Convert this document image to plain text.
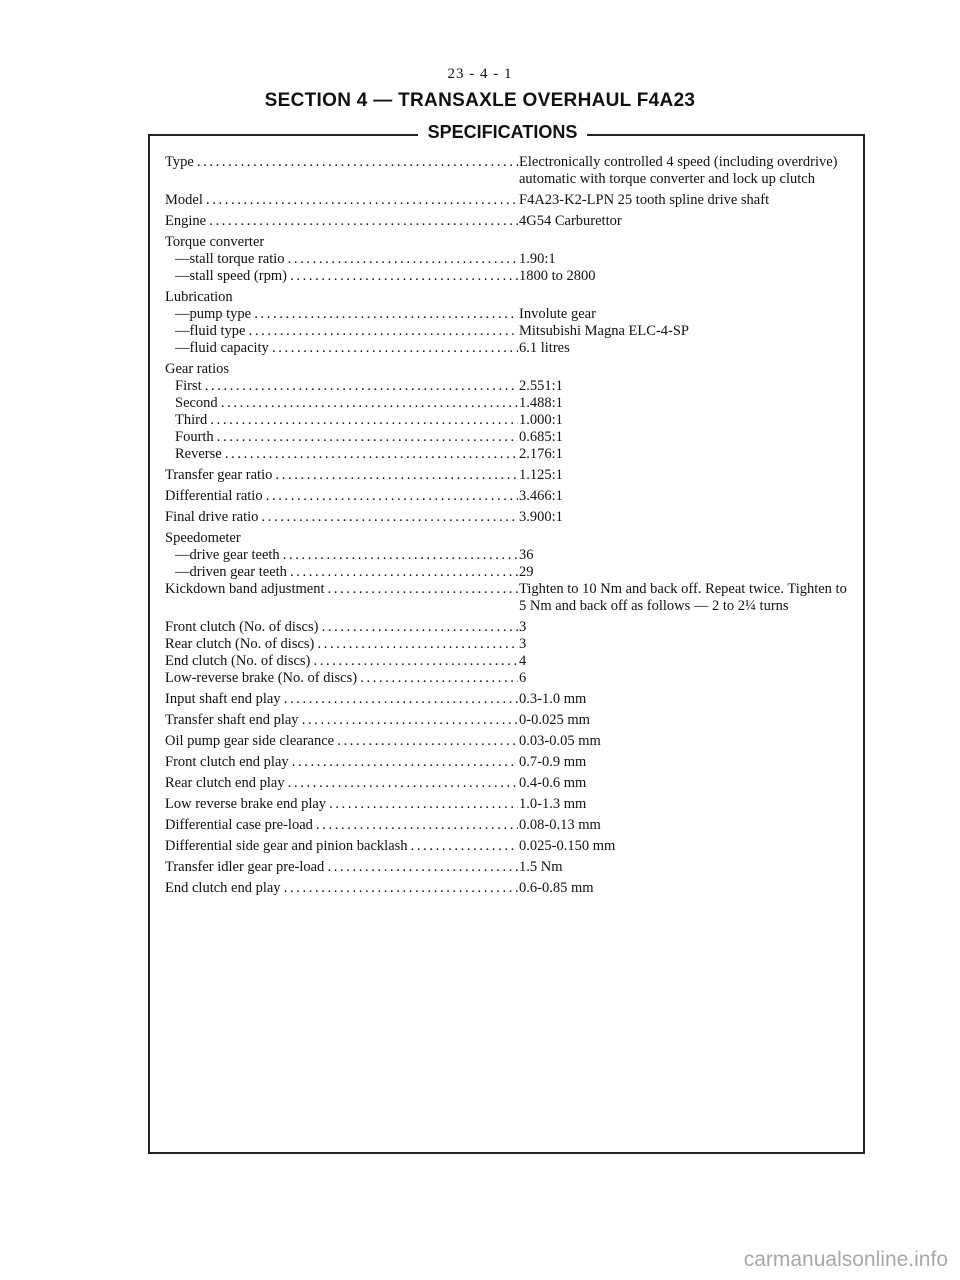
23 - 4 - 1
SECTION 4 — TRANSAXLE OVERHAUL F4A23
SPECIFICATIONS
Type . . .	Electronically controlled 4 speed (including overdrive) automatic with torque converter and lock up clutch
Model . . .	F4A23-K2-LPN 25 tooth spline drive shaft
Engine . . .	4G54 Carburettor
Torque converter
—stall torque ratio . . .	1.90:1
—stall speed (rpm) . . .	1800 to 2800
Lubrication
—pump type . . .	Involute gear
—fluid type . . .	Mitsubishi Magna ELC-4-SP
—fluid capacity . . .	6.1 litres
Gear ratios
First . . .	2.551:1
Second . . .	1.488:1
Third . . .	1.000:1
Fourth . . .	0.685:1
Reverse . . .	2.176:1
Transfer gear ratio . . .	1.125:1
Differential ratio . . .	3.466:1
Final drive ratio . . .	3.900:1
Speedometer
—drive gear teeth . . .	36
—driven gear teeth . . .	29
Kickdown band adjustment . . .	Tighten to 10 Nm and back off. Repeat twice. Tighten to 5 Nm and back off as follows — 2 to 2¼ turns
Front clutch (No. of discs) . . .	3
Rear clutch (No. of discs) . . .	3
End clutch (No. of discs) . . .	4
Low-reverse brake (No. of discs) . . .	6
Input shaft end play . . .	0.3-1.0 mm
Transfer shaft end play . . .	0-0.025 mm
Oil pump gear side clearance . . .	0.03-0.05 mm
Front clutch end play . . .	0.7-0.9 mm
Rear clutch end play . . .	0.4-0.6 mm
Low reverse brake end play . . .	1.0-1.3 mm
Differential case pre-load . . .	0.08-0.13 mm
Differential side gear and pinion backlash . . .	0.025-0.150 mm
Transfer idler gear pre-load . . .	1.5 Nm
End clutch end play . . .	0.6-0.85 mm
carmanualsonline.info
